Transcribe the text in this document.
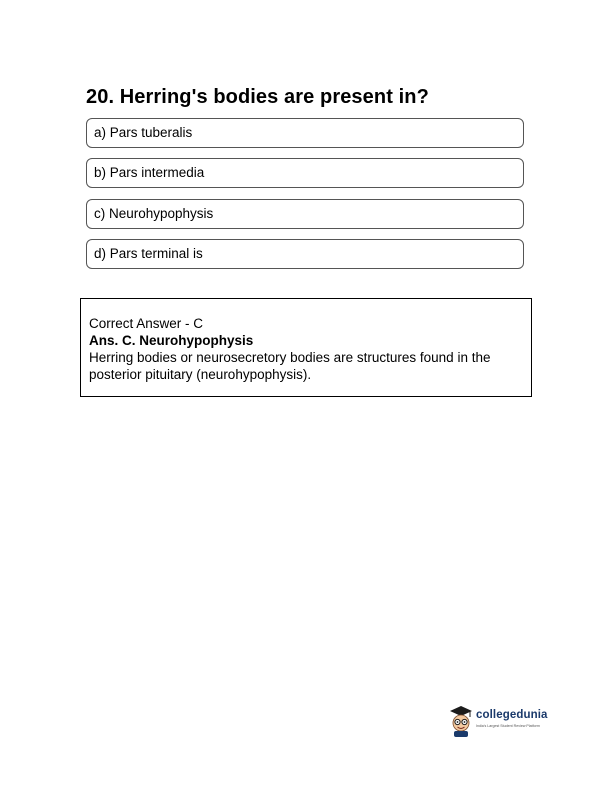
20. Herring's bodies are present in?
a) Pars tuberalis
b) Pars intermedia
c) Neurohypophysis
d) Pars terminal is
Correct Answer - C
Ans. C. Neurohypophysis
Herring bodies or neurosecretory bodies are structures found in the posterior pituitary (neurohypophysis).
collegedunia
India's Largest Student Review Platform
